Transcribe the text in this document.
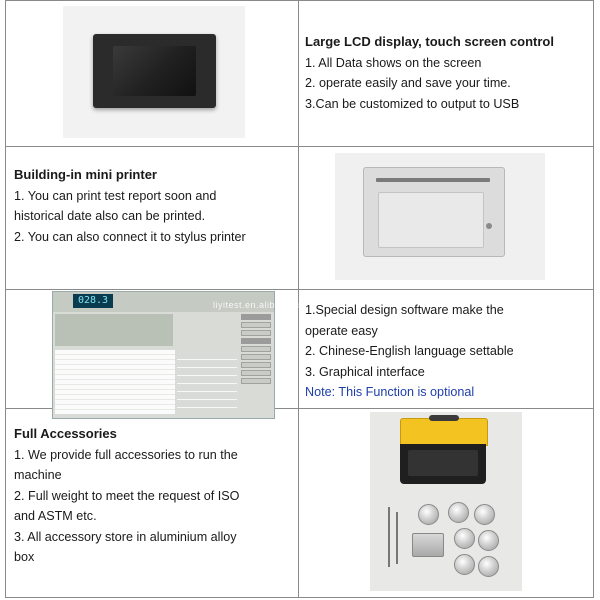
Large LCD display, touch screen control

1. All Data shows on the screen

2. operate easily and save your time.

3.Can be customized to output to USB

Building-in mini printer

1. You can print test report soon and

historical date also can be printed.

2. You can also connect it to stylus printer

028.3	liyitest.en.alibaba.com

1.Special design software make the

operate easy

2. Chinese-English language settable

3. Graphical interface

Note: This Function is optional

Full Accessories

1. We provide full accessories to run the

machine

2. Full weight to meet the request of ISO

and ASTM etc.

3. All accessory store in aluminium alloy

box
